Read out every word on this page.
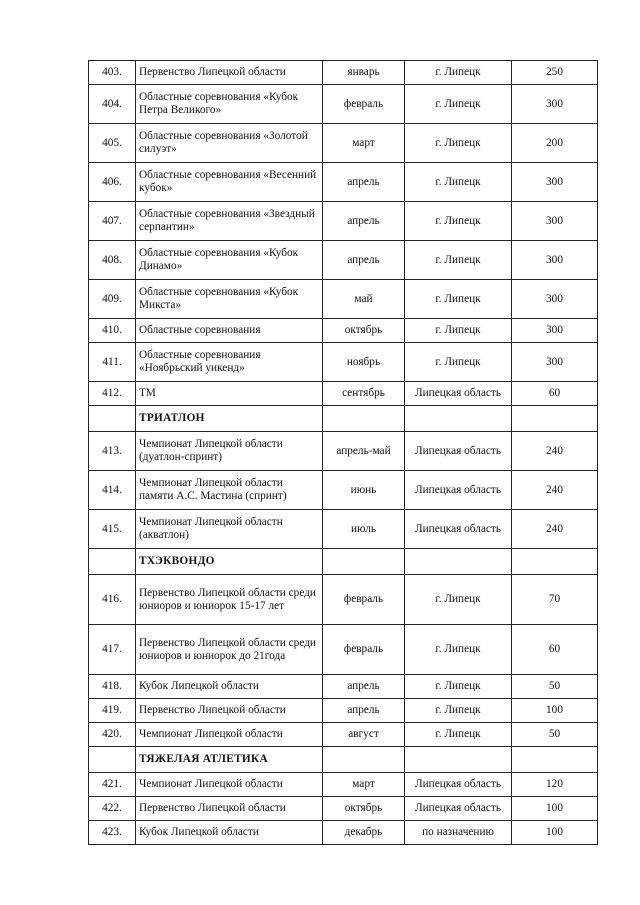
403.	Первенство Липецкой области	январь	г. Липецк	250
404.	Областные соревнования «Кубок Петра Великого»	февраль	г. Липецк	300
405.	Областные соревнования «Золотой силуэт»	март	г. Липецк	200
406.	Областные соревнования «Весенний кубок»	апрель	г. Липецк	300
407.	Областные соревнования «Звездный серпантин»	апрель	г. Липецк	300
408.	Областные соревнования «Кубок Динамо»	апрель	г. Липецк	300
409.	Областные соревнования «Кубок Микста»	май	г. Липецк	300
410.	Областные соревнования	октябрь	г. Липецк	300
411.	Областные соревнования «Ноябрьский уикенд»	ноябрь	г. Липецк	300
412.	ТМ	сентябрь	Липецкая область	60
	ТРИАТЛОН			
413.	Чемпионат Липецкой области (дуатлон-спринт)	апрель-май	Липецкая область	240
414.	Чемпионат Липецкой области памяти А.С. Мастина (спринт)	июнь	Липецкая область	240
415.	Чемпионат Липецкой областн (акватлон)	июль	Липецкая область	240
	ТХЭКВОНДО			
416.	Первенство Липецкой области среди юниоров и юниорок 15-17 лет	февраль	г. Липецк	70
417.	Первенство Липецкой области среди юниоров и юниорок до 21года	февраль	г. Липецк	60
418.	Кубок Липецкой области	апрель	г. Липецк	50
419.	Первенство Липецкой области	апрель	г. Липецк	100
420.	Чемпионат Липецкой области	август	г. Липецк	50
	ТЯЖЕЛАЯ АТЛЕТИКА			
421.	Чемпионат Липецкой области	март	Липецкая область	120
422.	Первенство Липецкой области	октябрь	Липецкая область	100
423.	Кубок Липецкой области	декабрь	по назначению	100
